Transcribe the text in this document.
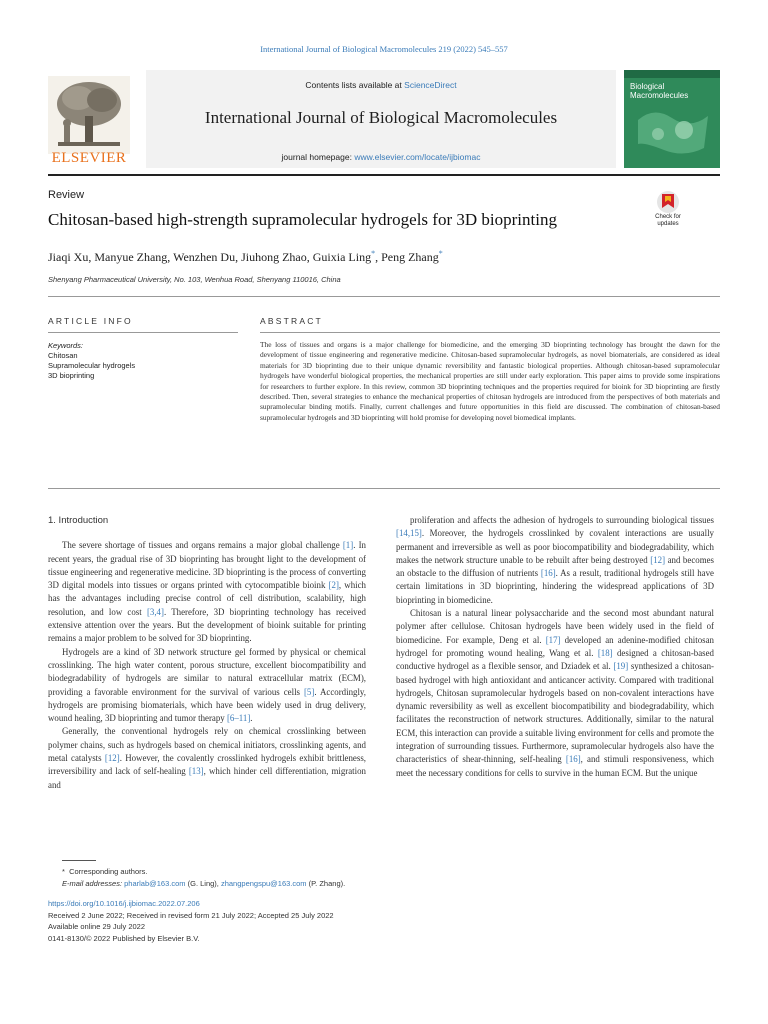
International Journal of Biological Macromolecules 219 (2022) 545–557
ELSEVIER
Contents lists available at ScienceDirect
International Journal of Biological Macromolecules
journal homepage: www.elsevier.com/locate/ijbiomac
Biological
Macromolecules
Review
Chitosan-based high-strength supramolecular hydrogels for 3D bioprinting	Check for
updates
Jiaqi Xu, Manyue Zhang, Wenzhen Du, Jiuhong Zhao, Guixia Ling*, Peng Zhang*
Shenyang Pharmaceutical University, No. 103, Wenhua Road, Shenyang 110016, China
ARTICLE INFO
Keywords:
Chitosan
Supramolecular hydrogels
3D bioprinting
ABSTRACT
The loss of tissues and organs is a major challenge for biomedicine, and the emerging 3D bioprinting technology has brought the dawn for the development of tissue engineering and regenerative medicine. Chitosan-based supramolecular hydrogels, as novel biomaterials, are considered as ideal materials for 3D bioprinting due to their unique dynamic reversibility and fantastic biological properties. Although chitosan-based supramolecular hydrogels have wonderful biological properties, the mechanical properties are still under early exploration. This paper aims to provide some inspirations for researchers to further explore. In this review, common 3D bioprinting techniques and the properties required for bioink for 3D bioprinting are firstly described. Then, several strategies to enhance the mechanical properties of chitosan hydrogels are introduced from the perspectives of both materials and supramolecular binding motifs. Finally, current challenges and future opportunities in this field are discussed. The combination of chitosan-based supramolecular hydrogels and 3D bioprinting will hold promise for developing novel biomedical implants.
1. Introduction

The severe shortage of tissues and organs remains a major global challenge [1]. In recent years, the gradual rise of 3D bioprinting has brought light to the development of tissue engineering and regenerative medicine. 3D bioprinting is the process of converting 3D digital models into tissues or organs printed with cytocompatible bioink [2], which has the advantages including precise control of cell distribution, scalability, high resolution, and low cost [3,4]. Therefore, 3D bioprinting technology has received extensive attention over the years. But the development of bioink suitable for printing remains a major problem to be solved for 3D bioprinting.

Hydrogels are a kind of 3D network structure gel formed by physical or chemical crosslinking. The high water content, porous structure, excellent biocompatibility and biodegradability of hydrogels are similar to natural extracellular matrix (ECM), providing a favorable environment for the survival of various cells [5]. Accordingly, hydrogels are promising biomaterials, which have been widely used in drug delivery, wound healing, 3D bioprinting and tumor therapy [6–11].

Generally, the conventional hydrogels rely on chemical crosslinking between polymer chains, such as hydrogels based on chemical initiators, crosslinking agents, and metal catalysts [12]. However, the covalently crosslinked hydrogels exhibit brittleness, irreversibility and lack of self-healing [13], which hinder cell differentiation, migration and

proliferation and affects the adhesion of hydrogels to surrounding biological tissues [14,15]. Moreover, the hydrogels crosslinked by covalent interactions are usually permanent and irreversible as well as poor biocompatibility and biodegradability, which makes the network structure unable to be rebuilt after being destroyed [12] and becomes an obstacle to the diffusion of nutrients [16]. As a result, traditional hydrogels still have certain limitations in 3D bioprinting, hindering the widespread applications of 3D bioprinting in biomedicine.

Chitosan is a natural linear polysaccharide and the second most abundant natural polymer after cellulose. Chitosan hydrogels have been widely used in the field of biomedicine. For example, Deng et al. [17] developed an adenine-modified chitosan hydrogel for promoting wound healing, Wang et al. [18] designed a chitosan-based conductive hydrogel as a flexible sensor, and Dziadek et al. [19] synthesized a chitosan-based hydrogel with high antioxidant and anticancer activity. Compared with traditional hydrogels, Chitosan supramolecular hydrogels based on non-covalent interactions have dynamic reversibility as well as excellent biocompatibility and biodegradability, which facilitates the reconstruction of network structures. Additionally, similar to the natural ECM, this interaction can provide a suitable living environment for cells and promote the integration of surrounding tissues. Furthermore, supramolecular hydrogels also have the characteristics of shear-thinning, self-healing [16], and stimuli responsiveness, which meet the necessary conditions for cells to survive in the human ECM. But the unique

* Corresponding authors.
E-mail addresses: pharlab@163.com (G. Ling), zhangpengspu@163.com (P. Zhang).
https://doi.org/10.1016/j.ijbiomac.2022.07.206
Received 2 June 2022; Received in revised form 21 July 2022; Accepted 25 July 2022
Available online 29 July 2022
0141-8130/© 2022 Published by Elsevier B.V.
